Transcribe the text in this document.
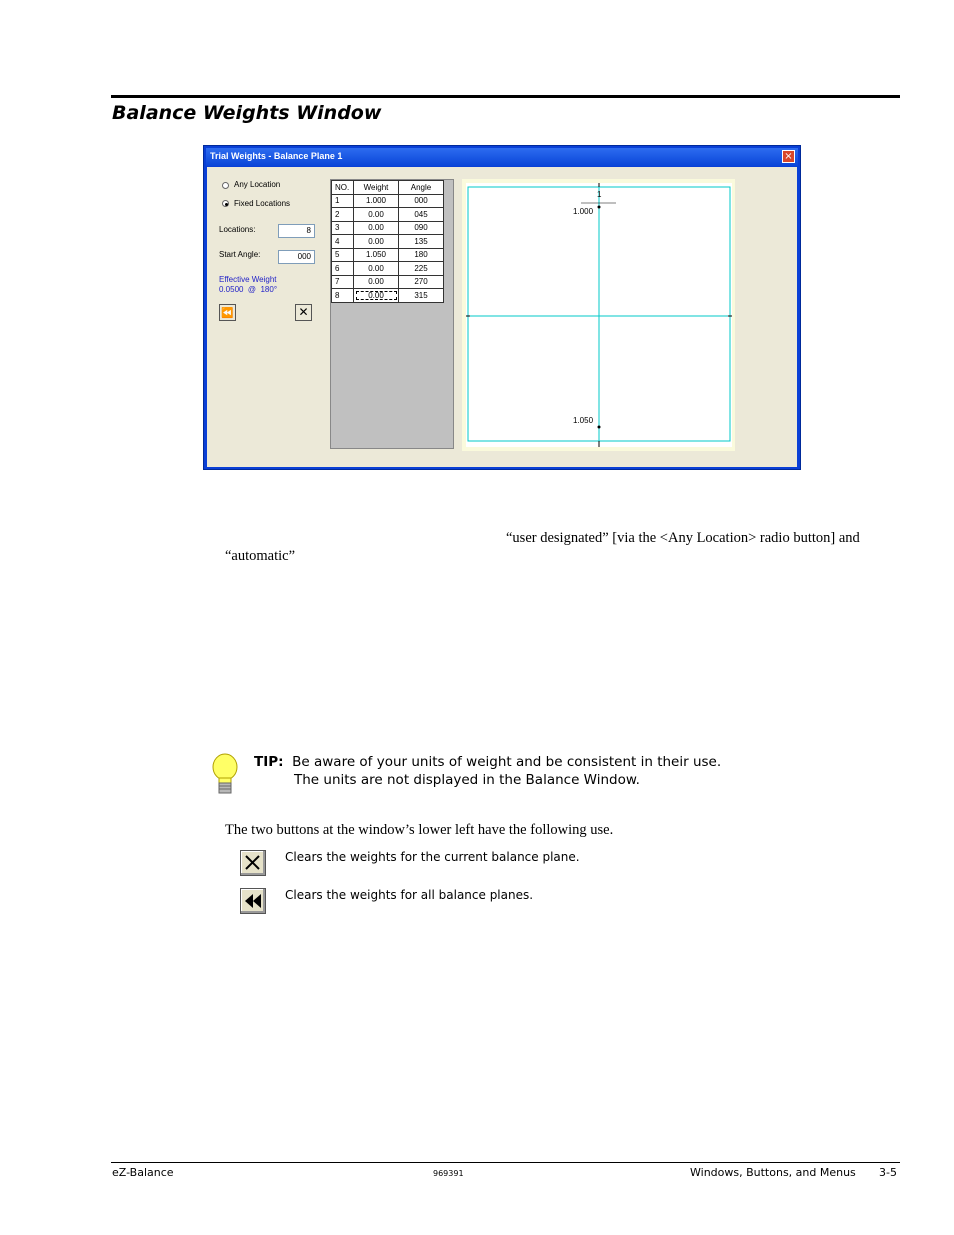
Balance Weights Window
Trial Weights - Balance Plane 1	×
Any Location
Fixed Locations
Locations:	8
Start Angle:	000
Effective Weight
0.0500  @  180°
⏪	✕
NO.	Weight	Angle
1	1.000	000
2	0.00	045
3	0.00	090
4	0.00	135
5	1.050	180
6	0.00	225
7	0.00	270
8	0.00	315
1
1.000
1.050
“user designated” [via the <Any Location> radio button] and
“automatic”
TIP: Be aware of your units of weight and be consistent in their use.
The units are not displayed in the Balance Window.
The two buttons at the window’s lower left have the following use.
Clears the weights for the current balance plane.
Clears the weights for all balance planes.
eZ-Balance	969391	Windows, Buttons, and Menus 3-5
